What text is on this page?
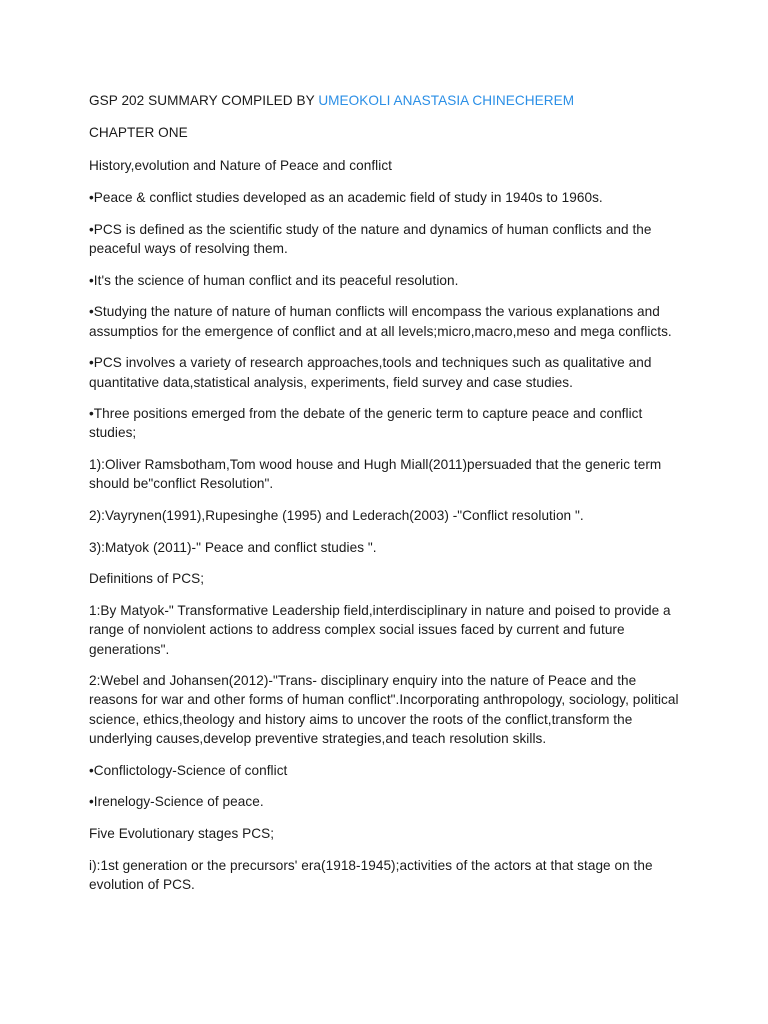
GSP 202 SUMMARY COMPILED BY UMEOKOLI ANASTASIA CHINECHEREM

CHAPTER ONE

History,evolution and Nature of Peace and conflict

•Peace & conflict studies developed as an academic field of study in 1940s to 1960s.

•PCS is defined as the scientific study of the nature and dynamics of human conflicts and the peaceful ways of resolving them.

•It's the science of human conflict and its peaceful resolution.

•Studying the nature of nature of human conflicts will encompass the various explanations and assumptios for the emergence of conflict and at all levels;micro,macro,meso and mega conflicts.

•PCS involves a variety of research approaches,tools and techniques such as qualitative and quantitative data,statistical analysis, experiments, field survey and case studies.

•Three positions emerged from the debate of the generic term to capture peace and conflict studies;

1):Oliver Ramsbotham,Tom wood house and Hugh Miall(2011)persuaded that the generic term should be"conflict Resolution".

2):Vayrynen(1991),Rupesinghe (1995) and Lederach(2003) -"Conflict resolution ".

3):Matyok (2011)-" Peace and conflict studies ".

Definitions of PCS;

1:By Matyok-" Transformative Leadership field,interdisciplinary in nature and poised to provide a range of nonviolent actions to address complex social issues faced by current and future generations".

2:Webel and Johansen(2012)-"Trans- disciplinary enquiry into the nature of Peace and the reasons for war and other forms of human conflict".Incorporating anthropology, sociology, political science, ethics,theology and history aims to uncover the roots of the conflict,transform the underlying causes,develop preventive strategies,and teach resolution skills.

•Conflictology-Science of conflict

•Irenelogy-Science of peace.

Five Evolutionary stages PCS;

i):1st generation or the precursors' era(1918-1945);activities of the actors at that stage on the evolution of PCS.
